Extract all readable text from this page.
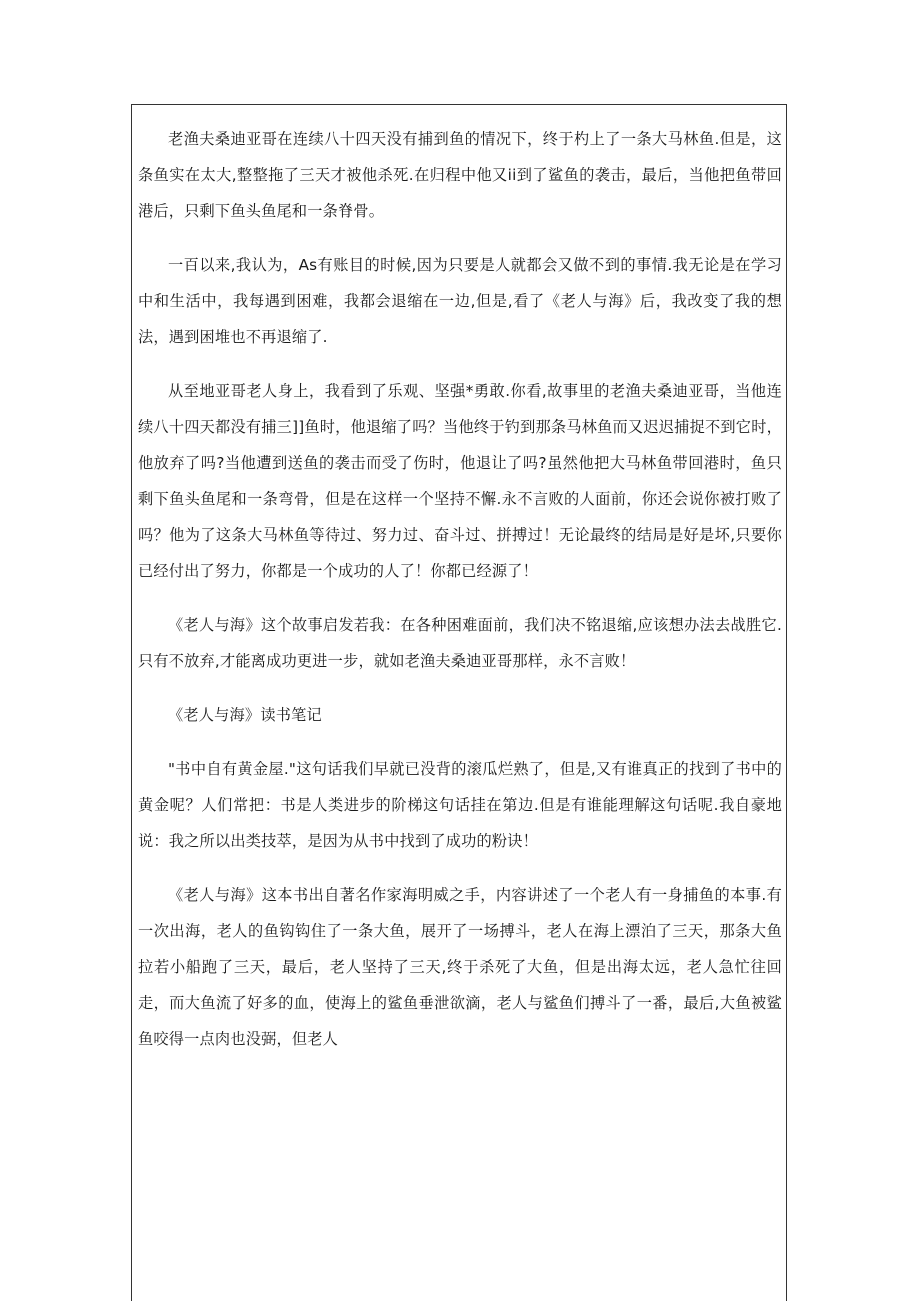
老渔夫桑迪亚哥在连续八十四天没有捕到鱼的情况下，终于杓上了一条大马林鱼.但是，这条鱼实在太大,整整拖了三天才被他杀死.在归程中他又ii到了鲨鱼的袭击，最后，当他把鱼带回港后，只剩下鱼头鱼尾和一条脊骨。

一百以来,我认为，As有账目的时候,因为只要是人就都会又做不到的事情.我无论是在学习中和生活中，我每遇到困难，我都会退缩在一边,但是,看了《老人与海》后，我改变了我的想法，遇到困堆也不再退缩了.

从至地亚哥老人身上，我看到了乐观、坚强*勇敢.你看,故事里的老渔夫桑迪亚哥，当他连续八十四天都没有捕三]]鱼时，他退缩了吗？当他终于钓到那条马林鱼而又迟迟捕捉不到它时，他放弃了吗?当他遭到送鱼的袭击而受了伤时，他退让了吗?虽然他把大马林鱼带回港时，鱼只剩下鱼头鱼尾和一条弯骨，但是在这样一个坚持不懈.永不言败的人面前，你还会说你被打败了吗？他为了这条大马林鱼等待过、努力过、奋斗过、拼搏过！无论最终的结局是好是坏,只要你已经付出了努力，你都是一个成功的人了！你都已经源了！

《老人与海》这个故事启发若我：在各种困难面前，我们决不铭退缩,应该想办法去战胜它.只有不放弃,才能离成功更进一步，就如老渔夫桑迪亚哥那样，永不言败！

《老人与海》读书笔记

"书中自有黄金屋."这句话我们早就已没背的滚瓜烂熟了，但是,又有谁真正的找到了书中的黄金呢？人们常把：书是人类进步的阶梯这句话挂在第边.但是有谁能理解这句话呢.我自豪地说：我之所以出类技萃，是因为从书中找到了成功的粉诀！

《老人与海》这本书出自著名作家海明威之手，内容讲述了一个老人有一身捕鱼的本事.有一次出海，老人的鱼钩钩住了一条大鱼，展开了一场搏斗，老人在海上漂泊了三天，那条大鱼拉若小船跑了三天，最后，老人坚持了三天,终于杀死了大鱼，但是出海太远，老人急忙往回走，而大鱼流了好多的血，使海上的鲨鱼垂泄欲滴，老人与鲨鱼们搏斗了一番，最后,大鱼被鲨鱼咬得一点肉也没弼，但老人
